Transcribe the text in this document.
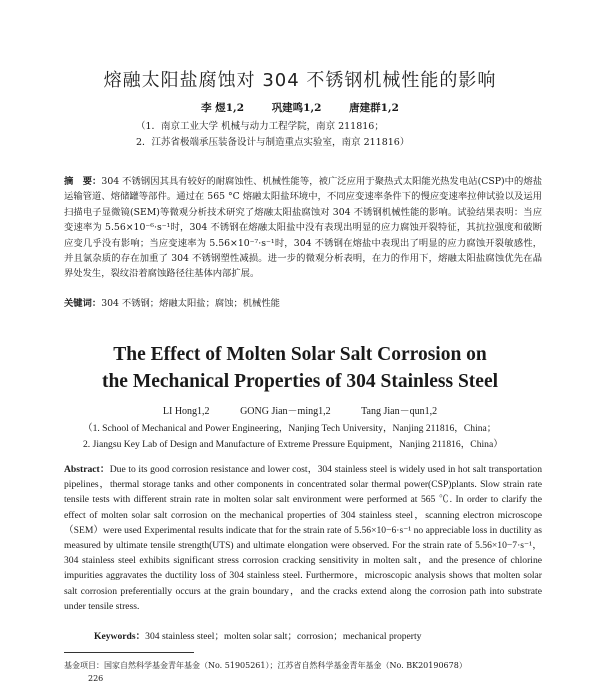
熔融太阳盐腐蚀对 304 不锈钢机械性能的影响
李 煜1,2	巩建鸣1,2	唐建群1,2
（1．南京工业大学 机械与动力工程学院，南京 211816；
2．江苏省极端承压装备设计与制造重点实验室，南京 211816）
摘　要：304 不锈钢因其具有较好的耐腐蚀性、机械性能等，被广泛应用于聚热式太阳能光热发电站(CSP)中的熔盐运输管道、熔储罐等部件。通过在 565 °C 熔融太阳盐环境中，不同应变速率条件下的慢应变速率拉伸试验以及运用扫描电子显微镜(SEM)等微观分析技术研究了熔融太阳盐腐蚀对 304 不锈钢机械性能的影响。试验结果表明：当应变速率为 5.56×10⁻⁶·s⁻¹时，304 不锈钢在熔融太阳盐中没有表现出明显的应力腐蚀开裂特征，其抗拉强度和破断应变几乎没有影响；当应变速率为 5.56×10⁻⁷·s⁻¹时，304 不锈钢在熔盐中表现出了明显的应力腐蚀开裂敏感性，并且氯杂质的存在加重了 304 不锈钢塑性减损。进一步的微观分析表明，在力的作用下，熔融太阳盐腐蚀优先在晶界处发生，裂纹沿着腐蚀路径往基体内部扩展。
关键词：304 不锈钢；熔融太阳盐；腐蚀；机械性能
The Effect of Molten Solar Salt Corrosion on
the Mechanical Properties of 304 Stainless Steel
LI Hong1,2	GONG Jian－ming1,2	Tang Jian－qun1,2
（1. School of Mechanical and Power Engineering，Nanjing Tech University，Nanjing 211816，China；
2. Jiangsu Key Lab of Design and Manufacture of Extreme Pressure Equipment，Nanjing 211816，China）
Abstract：Due to its good corrosion resistance and lower cost，304 stainless steel is widely used in hot salt transportation pipelines，thermal storage tanks and other components in concentrated solar thermal power(CSP)plants. Slow strain rate tensile tests with different strain rate in molten solar salt environment were performed at 565 ℃. In order to clarify the effect of molten solar salt corrosion on the mechanical properties of 304 stainless steel，scanning electron microscope（SEM）were used Experimental results indicate that for the strain rate of 5.56×10−6·s⁻¹ no appreciable loss in ductility as measured by ultimate tensile strength(UTS) and ultimate elongation were observed. For the strain rate of 5.56×10−7·s⁻¹，304 stainless steel exhibits significant stress corrosion cracking sensitivity in molten salt，and the presence of chlorine impurities aggravates the ductility loss of 304 stainless steel. Furthermore，microscopic analysis shows that molten solar salt corrosion preferentially occurs at the grain boundary，and the cracks extend along the corrosion path into substrate under tensile stress.
Keywords：304 stainless steel；molten solar salt；corrosion；mechanical property
基金项目：国家自然科学基金青年基金（No. 51905261）；江苏省自然科学基金青年基金（No. BK20190678）
226
